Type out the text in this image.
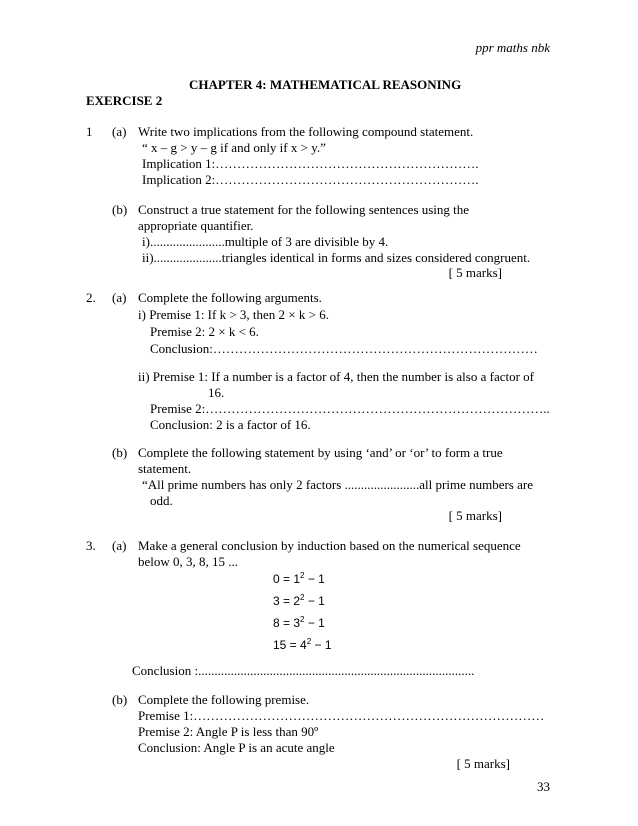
ppr maths nbk
CHAPTER 4: MATHEMATICAL REASONING
EXERCISE 2
1 (a) Write two implications from the following compound statement.
“ x – g > y – g if and only if x > y.”
Implication 1:…………………………………………………….
Implication 2:…………………………………………………….
(b) Construct a true statement for the following sentences using the
appropriate quantifier.
i).......................multiple of 3 are divisible by 4.
ii).....................triangles identical in forms and sizes considered congruent.
[ 5 marks]
2. (a) Complete the following arguments.
i) Premise 1: If k > 3, then 2 × k > 6.
Premise 2: 2 × k < 6.
Conclusion:…………………………………………………………………
ii) Premise 1: If a number is a factor of 4, then the number is also a factor of
16.
Premise 2:……………………………………………………………………..
Conclusion: 2 is a factor of 16.
(b) Complete the following statement by using ‘and’ or ‘or’ to form a true
statement.
“All prime numbers has only 2 factors .......................all prime numbers are
odd.
[ 5 marks]
3. (a) Make a general conclusion by induction based on the numerical sequence
below 0, 3, 8, 15 ...
$0 = 1^2 - 1$
$3 = 2^2 - 1$
$8 = 3^2 - 1$
$15 = 4^2 - 1$
Conclusion :.....................................................................................
(b) Complete the following premise.
Premise 1:………………………………………………………………………
Premise 2: Angle P is less than 90º
Conclusion: Angle P is an acute angle
[ 5 marks]
33
